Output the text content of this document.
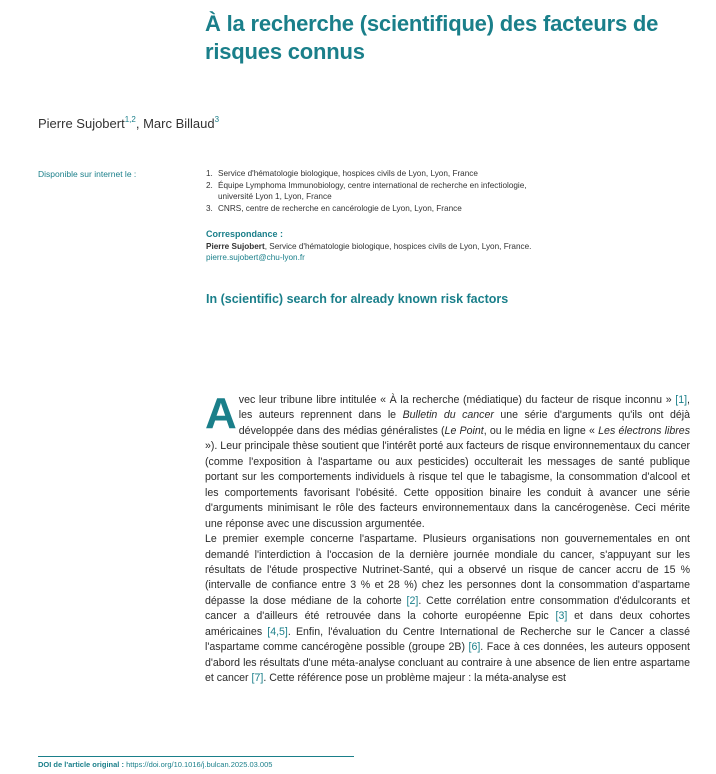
À la recherche (scientifique) des facteurs de risques connus
Pierre Sujobert$^{1,2}$, Marc Billaud$^3$
Disponible sur internet le :	1. Service d'hématologie biologique, hospices civils de Lyon, Lyon, France
2. Équipe Lymphoma Immunobiology, centre international de recherche en infectiologie, université Lyon 1, Lyon, France
3. CNRS, centre de recherche en cancérologie de Lyon, Lyon, France
Correspondance :
Pierre Sujobert, Service d'hématologie biologique, hospices civils de Lyon, Lyon, France.
pierre.sujobert@chu-lyon.fr
In (scientific) search for already known risk factors

Avec leur tribune libre intitulée « À la recherche (médiatique) du facteur de risque inconnu » [1], les auteurs reprennent dans le Bulletin du cancer une série d'arguments qu'ils ont déjà développée dans des médias généralistes (Le Point, ou le média en ligne « Les électrons libres »). Leur principale thèse soutient que l'intérêt porté aux facteurs de risque environnementaux du cancer (comme l'exposition à l'aspartame ou aux pesticides) occulterait les messages de santé publique portant sur les comportements individuels à risque tel que le tabagisme, la consommation d'alcool et les comportements favorisant l'obésité. Cette opposition binaire les conduit à avancer une série d'arguments minimisant le rôle des facteurs environnementaux dans la cancérogenèse. Ceci mérite une réponse avec une discussion argumentée.

Le premier exemple concerne l'aspartame. Plusieurs organisations non gouvernementales en ont demandé l'interdiction à l'occasion de la dernière journée mondiale du cancer, s'appuyant sur les résultats de l'étude prospective Nutrinet-Santé, qui a observé un risque de cancer accru de 15 % (intervalle de confiance entre 3 % et 28 %) chez les personnes dont la consommation d'aspartame dépasse la dose médiane de la cohorte [2]. Cette corrélation entre consommation d'édulcorants et cancer a d'ailleurs été retrouvée dans la cohorte européenne Epic [3] et dans deux cohortes américaines [4,5]. Enfin, l'évaluation du Centre International de Recherche sur le Cancer a classé l'aspartame comme cancérogène possible (groupe 2B) [6]. Face à ces données, les auteurs opposent d'abord les résultats d'une méta-analyse concluant au contraire à une absence de lien entre aspartame et cancer [7]. Cette référence pose un problème majeur : la méta-analyse est

DOI de l'article original : https://doi.org/10.1016/j.bulcan.2025.03.005
